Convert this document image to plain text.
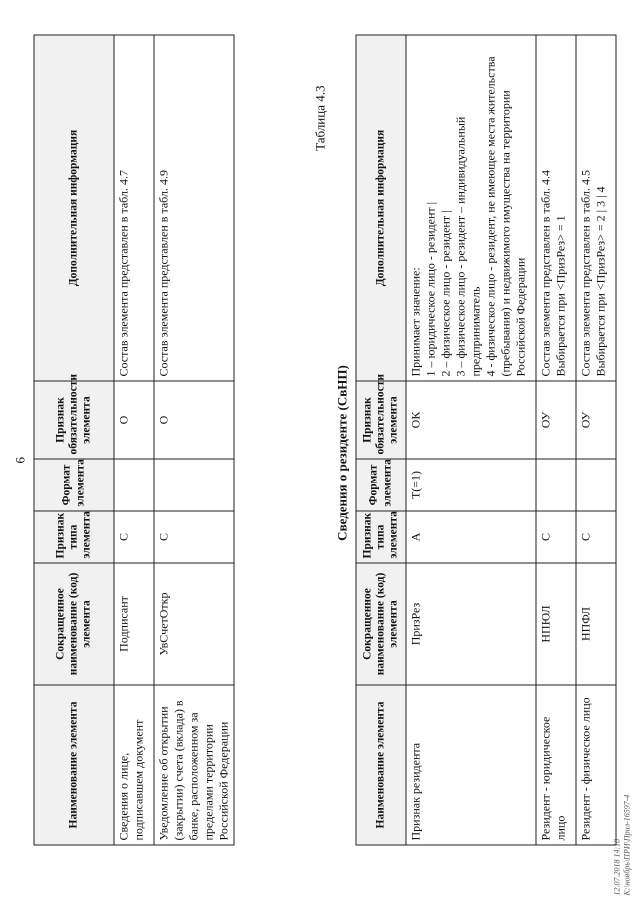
6
Наименование элемента	Сокращенное наименование (код) элемента	Признак типа элемента	Формат элемента	Признак обязательности элемента	Дополнительная информация
Сведения о лице, подписавшем документ	Подписант	С		О	Состав элемента представлен в табл. 4.7
Уведомление об открытии (закрытии) счета (вклада) в банке, расположенном за пределами территории Российской Федерации	УвСчетОткр	С		О	Состав элемента представлен в табл. 4.9
Таблица 4.3
Сведения о резиденте (СвНП)
Наименование элемента	Сокращенное наименование (код) элемента	Признак типа элемента	Формат элемента	Признак обязательности элемента	Дополнительная информация
Признак резидента	ПризРез	А	Т(=1)	ОК	Принимает значение: 1 – юридическое лицо - резидент | 2 – физическое лицо - резидент | 3 – физическое лицо - резидент – индивидуальный предприниматель 4 - физическое лицо - резидент, не имеющее места жительства (пребывания) и недвижимого имущества на территории Российской Федерации

Резидент - юридическое лицо	НПЮЛ	С		ОУ	Состав элемента представлен в табл. 4.4 Выбирается при <ПризРез> = 1

Резидент - физическое лицо	НПФЛ	С		ОУ	Состав элемента представлен в табл. 4.5 Выбирается при <ПризРез> = 2 | 3 | 4
12.07.2018 14:10 К:\ноябрь\ПРИ\Прил-16597-4
